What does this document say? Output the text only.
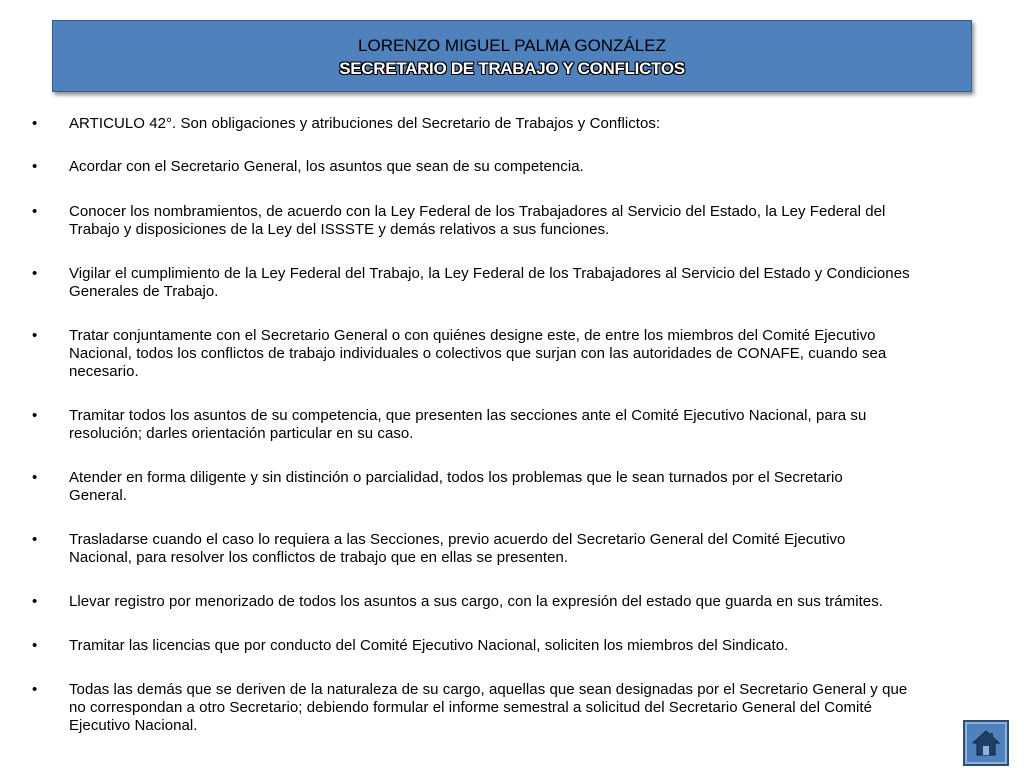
LORENZO MIGUEL PALMA GONZÁLEZ
SECRETARIO DE TRABAJO Y CONFLICTOS
• ARTICULO 42°. Son obligaciones y atribuciones del Secretario de Trabajos y Conflictos:
• Acordar con el Secretario General, los asuntos que sean de su competencia.
• Conocer los nombramientos, de acuerdo con la Ley Federal de los Trabajadores al Servicio del Estado, la Ley Federal del
Trabajo y disposiciones de la Ley del ISSSTE y demás relativos a sus funciones.
• Vigilar el cumplimiento de la Ley Federal del Trabajo, la Ley Federal de los Trabajadores al Servicio del Estado y Condiciones
Generales de Trabajo.
• Tratar conjuntamente con el Secretario General o con quiénes designe este, de entre los miembros del Comité Ejecutivo
Nacional, todos los conflictos de trabajo individuales o colectivos que surjan con las autoridades de CONAFE, cuando sea
necesario.
• Tramitar todos los asuntos de su competencia, que presenten las secciones ante el Comité Ejecutivo Nacional, para su
resolución; darles orientación particular en su caso.
• Atender en forma diligente y sin distinción o parcialidad, todos los problemas que le sean turnados por el Secretario
General.
• Trasladarse cuando el caso lo requiera a las Secciones, previo acuerdo del Secretario General del Comité Ejecutivo
Nacional, para resolver los conflictos de trabajo que en ellas se presenten.
• Llevar registro por menorizado de todos los asuntos a sus cargo, con la expresión del estado que guarda en sus trámites.
• Tramitar las licencias que por conducto del Comité Ejecutivo Nacional, soliciten los miembros del Sindicato.
• Todas las demás que se deriven de la naturaleza de su cargo, aquellas que sean designadas por el Secretario General y que
no correspondan a otro Secretario; debiendo formular el informe semestral a solicitud del Secretario General del Comité
Ejecutivo Nacional.
